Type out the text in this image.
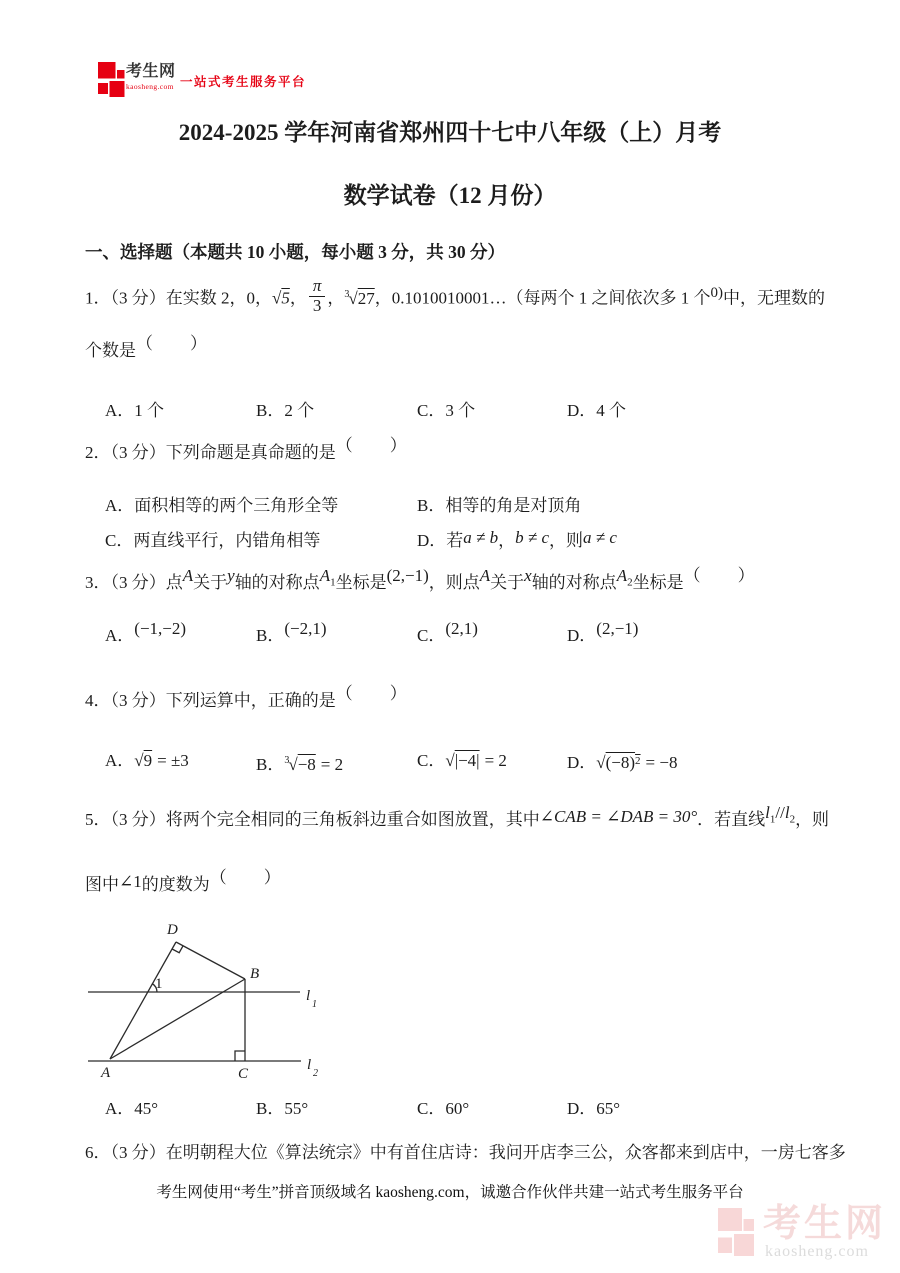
考生网
kaosheng.com 一站式考生服务平台
2024-2025 学年河南省郑州四十七中八年级（上）月考
数学试卷（12 月份）
一、选择题（本题共 10 小题，每小题 3 分，共 30 分）
1．（3 分）在实数 2，0，√5， $\frac{\pi}{3}$ ，$^3$√27，0.1010010001…（每两个 1 之间依次多 1 个0)中，无理数的
个数是（　　）
A．1 个	B．2 个	C．3 个	D．4 个
2．（3 分）下列命题是真命题的是（　　）
A．面积相等的两个三角形全等	B．相等的角是对顶角
C．两直线平行，内错角相等	D．若a ≠ b，b ≠ c，则a ≠ c
3．（3 分）点A关于y轴的对称点$A_1$坐标是(2,−1)，则点A关于x轴的对称点$A_2$坐标是（　　）
A．(−1,−2)	B．(−2,1)	C．(2,1)	D．(2,−1)
4．（3 分）下列运算中，正确的是（　　）
A．√9 = ±3	B．$^3$√−8 = 2	C．√|−4| = 2	D．$√(-8)^2 = -8$
5．（3 分）将两个完全相同的三角板斜边重合如图放置，其中∠CAB = ∠DAB = 30°．若直线$l_1//l_2$，则
图中∠1的度数为（　　）
A
B
C
D
1
l
1
l
2
A．45°	B．55°	C．60°	D．65°
6．（3 分）在明朝程大位《算法统宗》中有首住店诗：我问开店李三公，众客都来到店中，一房七客多
考生网使用“考生”拼音顶级域名 kaosheng.com，诚邀合作伙伴共建一站式考生服务平台
考生网
kaosheng.com
